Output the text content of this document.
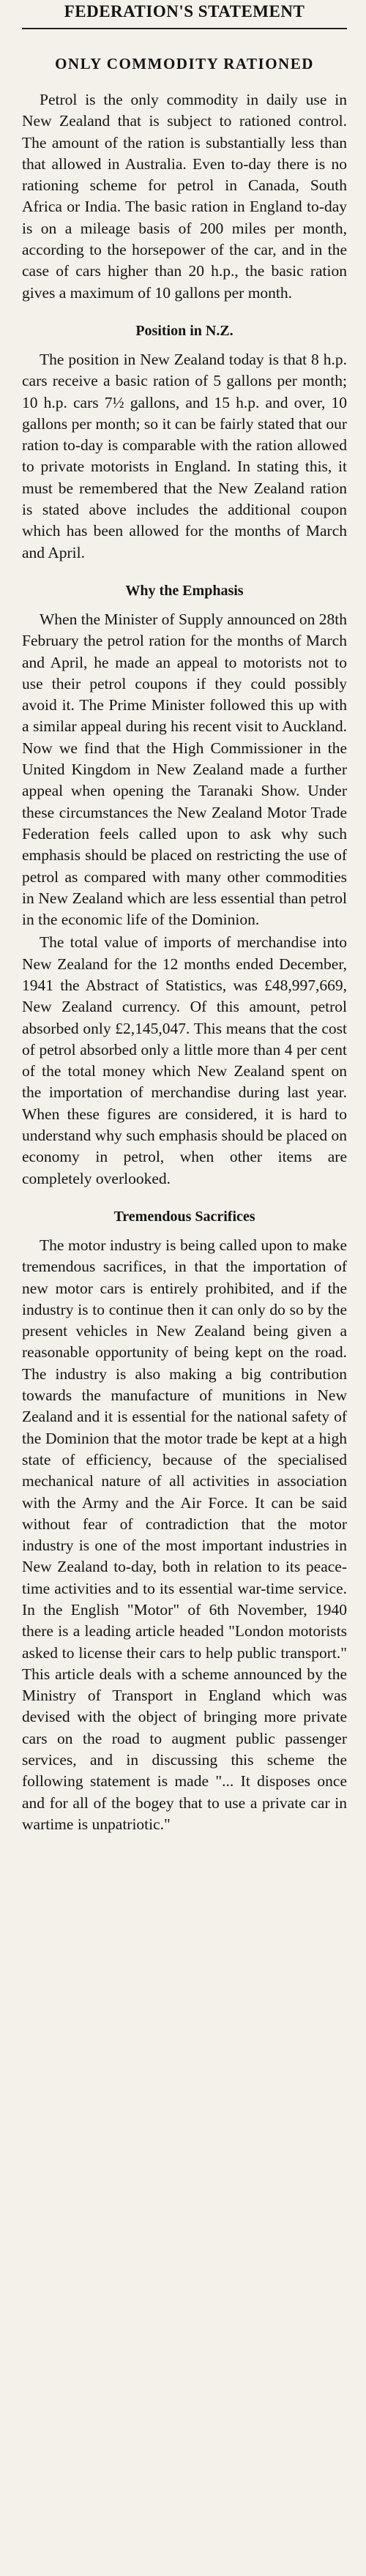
FEDERATION'S STATEMENT
ONLY COMMODITY RATIONED

Petrol is the only commodity in daily use in New Zealand that is subject to rationed control. The amount of the ration is substantially less than that allowed in Australia. Even to-day there is no rationing scheme for petrol in Canada, South Africa or India. The basic ration in England to-day is on a mileage basis of 200 miles per month, according to the horsepower of the car, and in the case of cars higher than 20 h.p., the basic ration gives a maximum of 10 gallons per month.

Position in N.Z.

The position in New Zealand today is that 8 h.p. cars receive a basic ration of 5 gallons per month; 10 h.p. cars 7½ gallons, and 15 h.p. and over, 10 gallons per month; so it can be fairly stated that our ration to-day is comparable with the ration allowed to private motorists in England. In stating this, it must be remembered that the New Zealand ration is stated above includes the additional coupon which has been allowed for the months of March and April.

Why the Emphasis

When the Minister of Supply announced on 28th February the petrol ration for the months of March and April, he made an appeal to motorists not to use their petrol coupons if they could possibly avoid it. The Prime Minister followed this up with a similar appeal during his recent visit to Auckland. Now we find that the High Commissioner in the United Kingdom in New Zealand made a further appeal when opening the Taranaki Show. Under these circumstances the New Zealand Motor Trade Federation feels called upon to ask why such emphasis should be placed on restricting the use of petrol as compared with many other commodities in New Zealand which are less essential than petrol in the economic life of the Dominion.

The total value of imports of merchandise into New Zealand for the 12 months ended December, 1941 the Abstract of Statistics, was £48,997,669, New Zealand currency. Of this amount, petrol absorbed only £2,145,047. This means that the cost of petrol absorbed only a little more than 4 per cent of the total money which New Zealand spent on the importation of merchandise during last year. When these figures are considered, it is hard to understand why such emphasis should be placed on economy in petrol, when other items are completely overlooked.

Tremendous Sacrifices

The motor industry is being called upon to make tremendous sacrifices, in that the importation of new motor cars is entirely prohibited, and if the industry is to continue then it can only do so by the present vehicles in New Zealand being given a reasonable opportunity of being kept on the road. The industry is also making a big contribution towards the manufacture of munitions in New Zealand and it is essential for the national safety of the Dominion that the motor trade be kept at a high state of efficiency, because of the specialised mechanical nature of all activities in association with the Army and the Air Force. It can be said without fear of contradiction that the motor industry is one of the most important industries in New Zealand to-day, both in relation to its peace-time activities and to its essential war-time service. In the English "Motor" of 6th November, 1940 there is a leading article headed "London motorists asked to license their cars to help public transport." This article deals with a scheme announced by the Ministry of Transport in England which was devised with the object of bringing more private cars on the road to augment public passenger services, and in discussing this scheme the following statement is made "... It disposes once and for all of the bogey that to use a private car in wartime is unpatriotic."
